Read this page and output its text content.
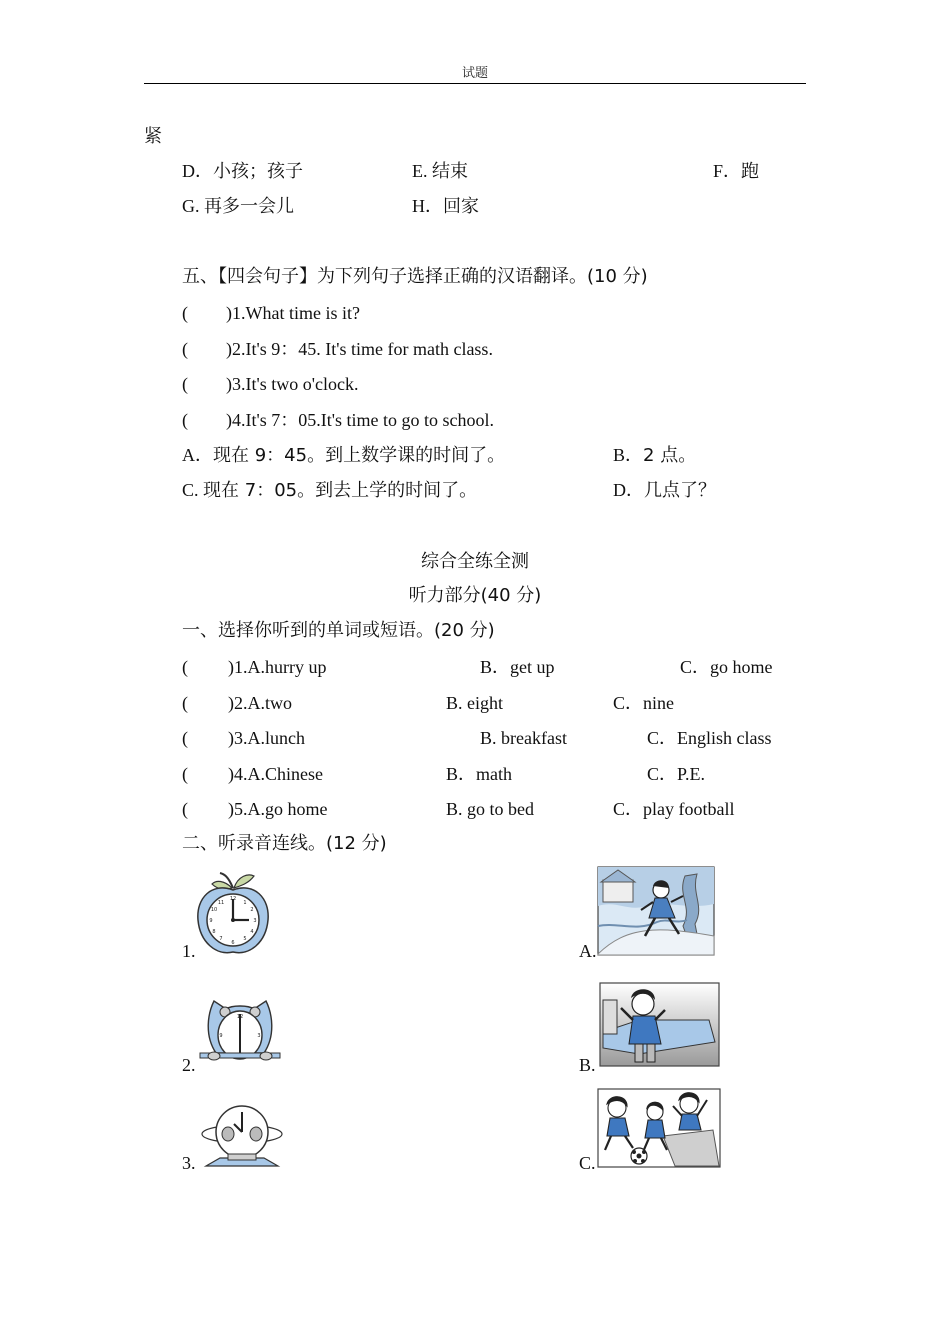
试题
紧
D．小孩；孩子	E. 结束	F．跑
G. 再多一会儿	H．回家
五、【四会句子】为下列句子选择正确的汉语翻译。(10 分)
( )1.What time is it?
( )2.It's 9：45. It's time for math class.
( )3.It's two o'clock.
( )4.It's 7：05.It's time to go to school.
A．现在 9：45。到上数学课的时间了。	B．2 点。
C. 现在 7：05。到去上学的时间了。	D．几点了？
综合全练全测
听力部分(40 分)
一、选择你听到的单词或短语。(20 分)
( )1.A.hurry up	B．get up	C．go home
( )2.A.two	B. eight	C．nine
( )3.A.lunch	B. breakfast	C．English class
( )4.A.Chinese	B．math	C．P.E.
( )5.A.go home	B. go to bed	C．play football
二、听录音连线。(12 分)
1.
2.
3.
A.
B.
C.
12
3
6
9
1
2
4
5
7
8
10
11
12
3
9
